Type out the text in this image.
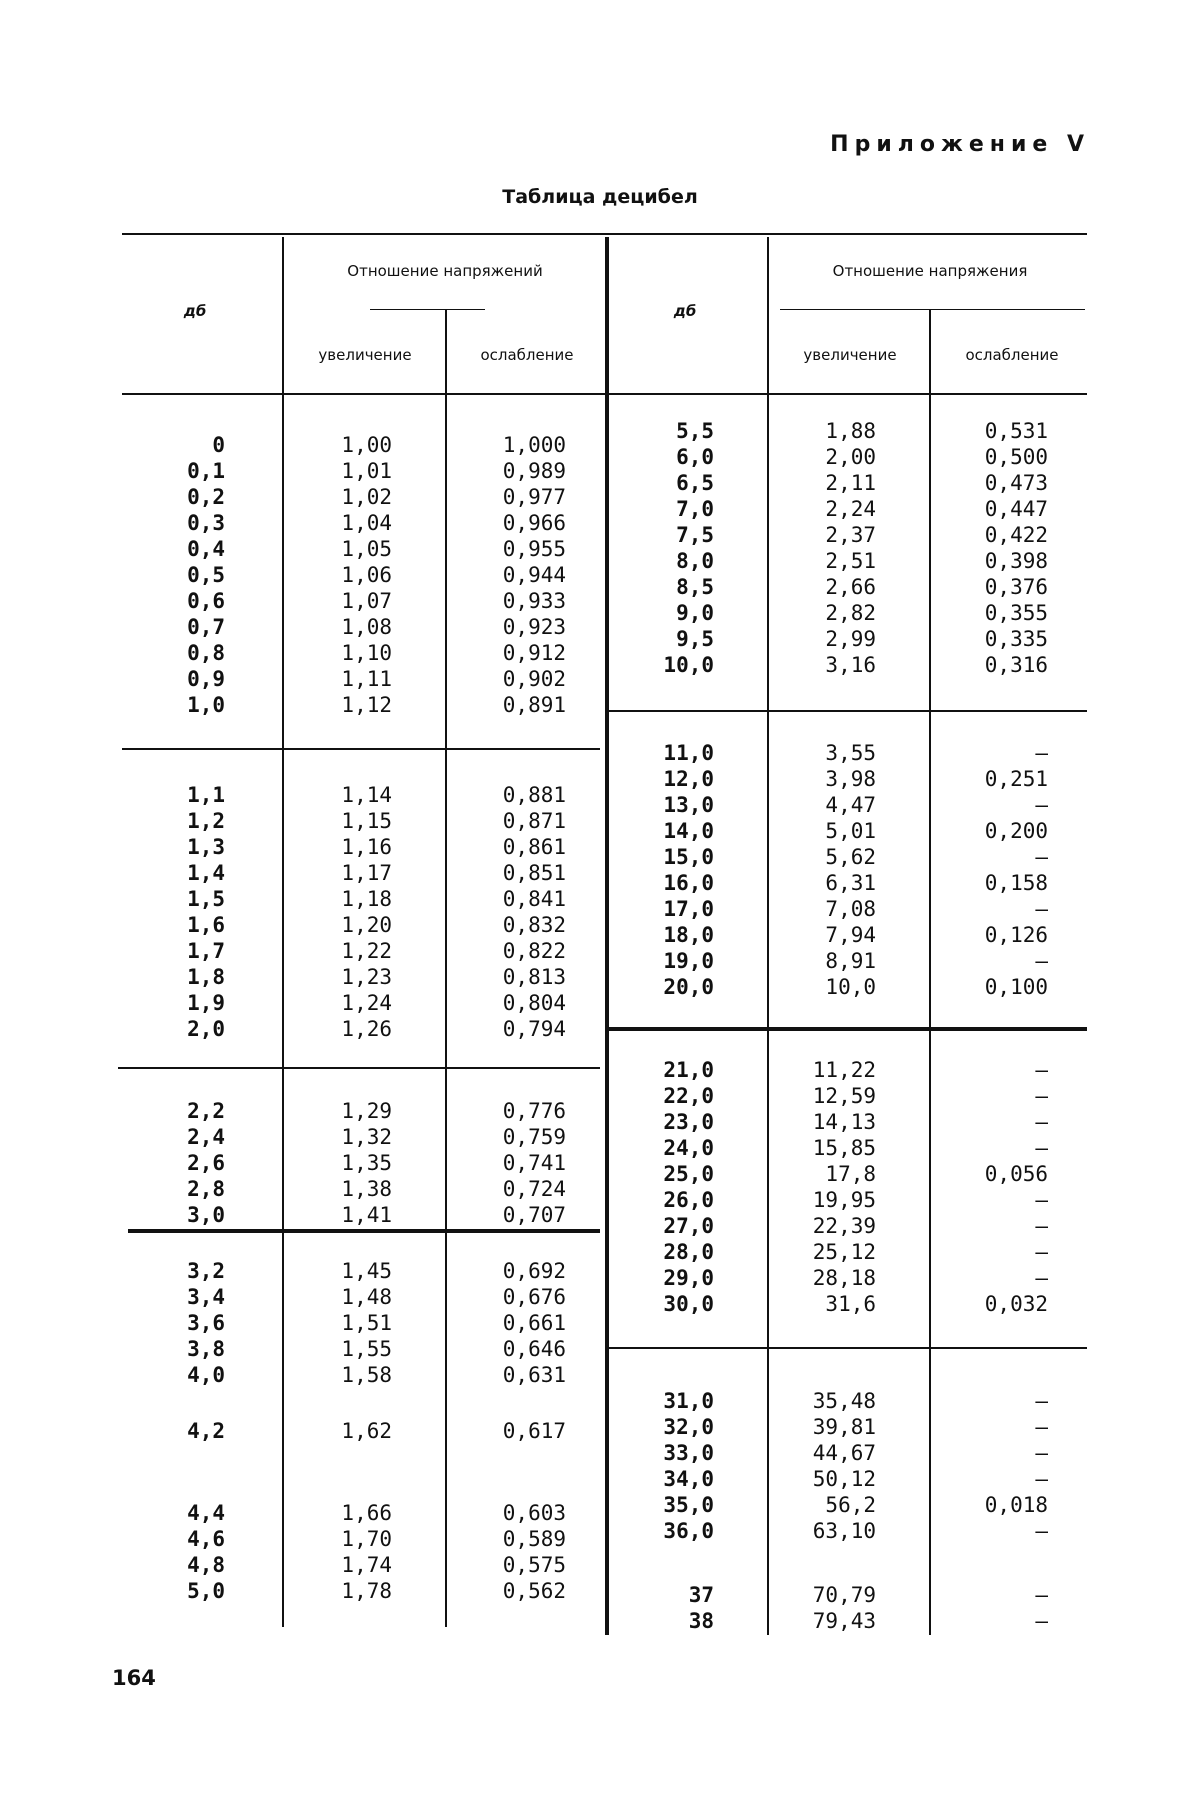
Приложение V
Таблица децибел
дб
Отношение напряжений
увеличение	ослабление
дб
Отношение напряжения
увеличение	ослабление
0	1,00	1,000
0,1	1,01	0,989
0,2	1,02	0,977
0,3	1,04	0,966
0,4	1,05	0,955
0,5	1,06	0,944
0,6	1,07	0,933
0,7	1,08	0,923
0,8	1,10	0,912
0,9	1,11	0,902
1,0	1,12	0,891
1,1	1,14	0,881
1,2	1,15	0,871
1,3	1,16	0,861
1,4	1,17	0,851
1,5	1,18	0,841
1,6	1,20	0,832
1,7	1,22	0,822
1,8	1,23	0,813
1,9	1,24	0,804
2,0	1,26	0,794
2,2	1,29	0,776
2,4	1,32	0,759
2,6	1,35	0,741
2,8	1,38	0,724
3,0	1,41	0,707
3,2	1,45	0,692
3,4	1,48	0,676
3,6	1,51	0,661
3,8	1,55	0,646
4,0	1,58	0,631
4,2	1,62	0,617
4,4	1,66	0,603
4,6	1,70	0,589
4,8	1,74	0,575
5,0	1,78	0,562
5,5	1,88	0,531
6,0	2,00	0,500
6,5	2,11	0,473
7,0	2,24	0,447
7,5	2,37	0,422
8,0	2,51	0,398
8,5	2,66	0,376
9,0	2,82	0,355
9,5	2,99	0,335
10,0	3,16	0,316
11,0	3,55	—
12,0	3,98	0,251
13,0	4,47	—
14,0	5,01	0,200
15,0	5,62	—
16,0	6,31	0,158
17,0	7,08	—
18,0	7,94	0,126
19,0	8,91	—
20,0	10,0	0,100
21,0	11,22	—
22,0	12,59	—
23,0	14,13	—
24,0	15,85	—
25,0	17,8	0,056
26,0	19,95	—
27,0	22,39	—
28,0	25,12	—
29,0	28,18	—
30,0	31,6	0,032
31,0	35,48	—
32,0	39,81	—
33,0	44,67	—
34,0	50,12	—
35,0	56,2	0,018
36,0	63,10	—
37	70,79	—
38	79,43	—
164
